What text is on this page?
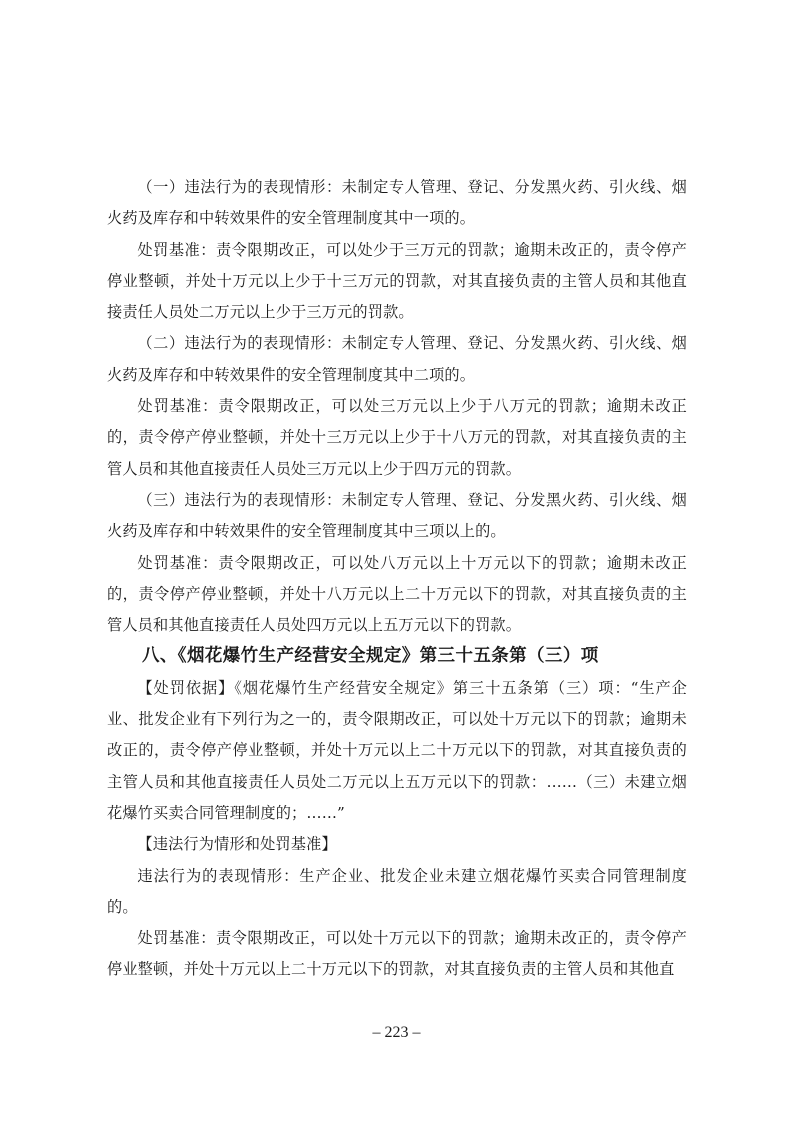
（一）违法行为的表现情形：未制定专人管理、登记、分发黑火药、引火线、烟火药及库存和中转效果件的安全管理制度其中一项的。

处罚基准：责令限期改正，可以处少于三万元的罚款；逾期未改正的，责令停产停业整顿，并处十万元以上少于十三万元的罚款，对其直接负责的主管人员和其他直接责任人员处二万元以上少于三万元的罚款。

（二）违法行为的表现情形：未制定专人管理、登记、分发黑火药、引火线、烟火药及库存和中转效果件的安全管理制度其中二项的。

处罚基准：责令限期改正，可以处三万元以上少于八万元的罚款；逾期未改正的，责令停产停业整顿，并处十三万元以上少于十八万元的罚款，对其直接负责的主管人员和其他直接责任人员处三万元以上少于四万元的罚款。

（三）违法行为的表现情形：未制定专人管理、登记、分发黑火药、引火线、烟火药及库存和中转效果件的安全管理制度其中三项以上的。

处罚基准：责令限期改正，可以处八万元以上十万元以下的罚款；逾期未改正的，责令停产停业整顿，并处十八万元以上二十万元以下的罚款，对其直接负责的主管人员和其他直接责任人员处四万元以上五万元以下的罚款。

八、《烟花爆竹生产经营安全规定》第三十五条第（三）项

【处罚依据】《烟花爆竹生产经营安全规定》第三十五条第（三）项：“生产企业、批发企业有下列行为之一的，责令限期改正，可以处十万元以下的罚款；逾期未改正的，责令停产停业整顿，并处十万元以上二十万元以下的罚款，对其直接负责的主管人员和其他直接责任人员处二万元以上五万元以下的罚款：……（三）未建立烟花爆竹买卖合同管理制度的；……”

【违法行为情形和处罚基准】

违法行为的表现情形：生产企业、批发企业未建立烟花爆竹买卖合同管理制度的。

处罚基准：责令限期改正，可以处十万元以下的罚款；逾期未改正的，责令停产停业整顿，并处十万元以上二十万元以下的罚款，对其直接负责的主管人员和其他直

– 223 –
